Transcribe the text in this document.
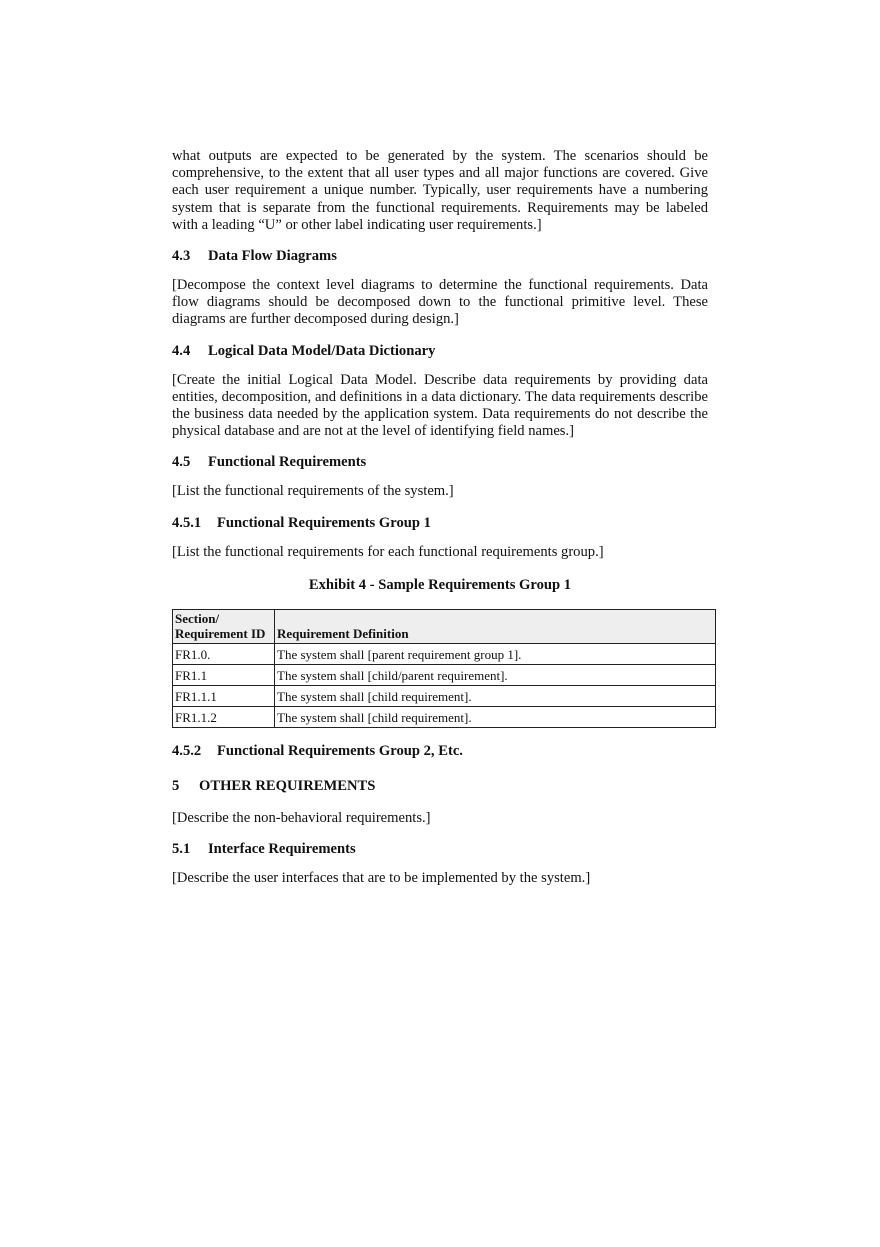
what outputs are expected to be generated by the system. The scenarios should be comprehensive, to the extent that all user types and all major functions are covered. Give each user requirement a unique number. Typically, user requirements have a numbering system that is separate from the functional requirements. Requirements may be labeled with a leading “U” or other label indicating user requirements.]

4.3	Data Flow Diagrams

[Decompose the context level diagrams to determine the functional requirements. Data flow diagrams should be decomposed down to the functional primitive level. These diagrams are further decomposed during design.]

4.4	Logical Data Model/Data Dictionary

[Create the initial Logical Data Model. Describe data requirements by providing data entities, decomposition, and definitions in a data dictionary. The data requirements describe the business data needed by the application system. Data requirements do not describe the physical database and are not at the level of identifying field names.]

4.5	Functional Requirements

[List the functional requirements of the system.]

4.5.1	Functional Requirements Group 1

[List the functional requirements for each functional requirements group.]

Exhibit 4 - Sample Requirements Group 1

Section/
Requirement ID	Requirement Definition
FR1.0.	The system shall [parent requirement group 1].
FR1.1	The system shall [child/parent requirement].
FR1.1.1	The system shall [child requirement].
FR1.1.2	The system shall [child requirement].
4.5.2	Functional Requirements Group 2, Etc.
5	OTHER REQUIREMENTS

[Describe the non-behavioral requirements.]

5.1	Interface Requirements

[Describe the user interfaces that are to be implemented by the system.]
